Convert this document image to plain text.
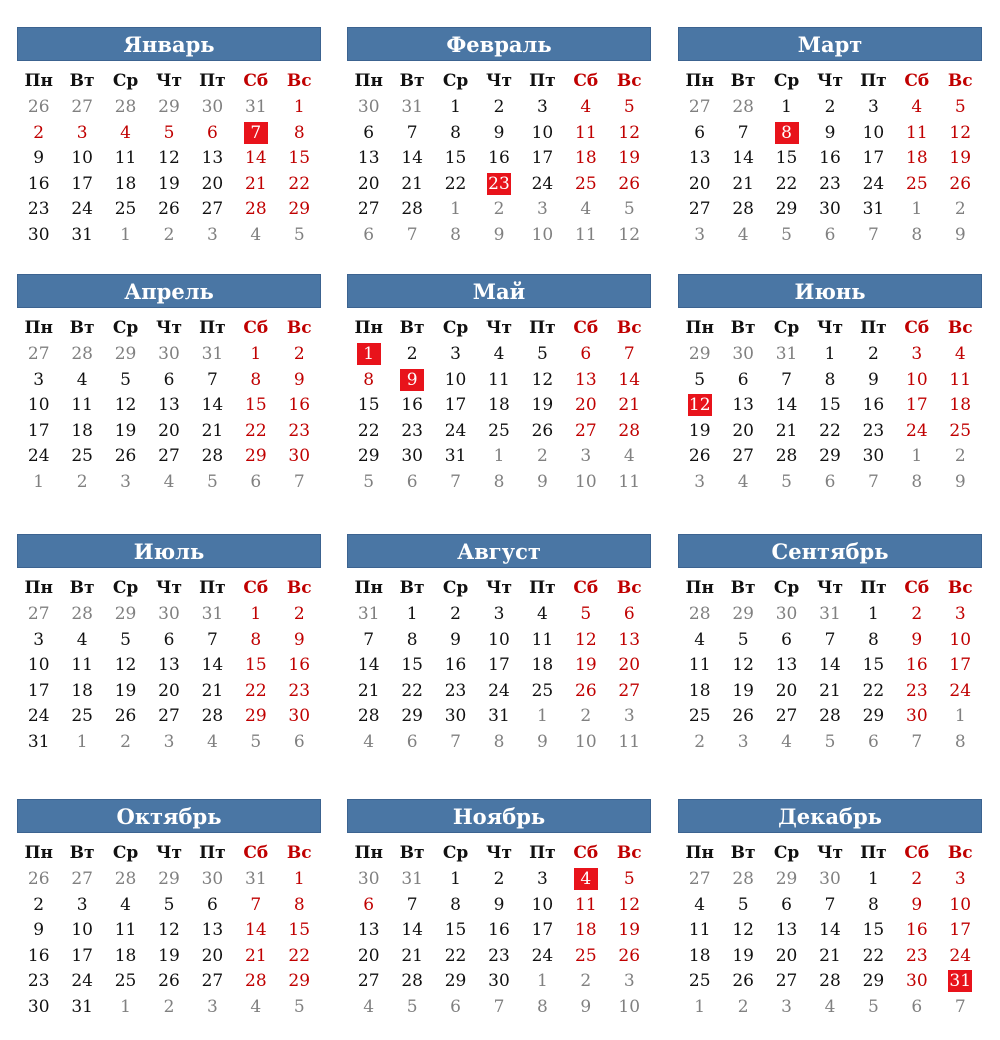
Январь
Пн Вт	Ср	Чт	Пт	Сб	Вс
26	27	28	29	30	31	1
2	3	4	5	6	7	8
9	10	11	12	13	14	15
16	17	18	19	20	21	22
23	24	25	26	27	28	29
30	31	1	2	3	4	5
Февраль
Пн Вт	Ср	Чт	Пт	Сб	Вс
30	31	1	2	3	4	5
6	7	8	9	10	11	12
13	14	15	16	17	18	19
20	21	22	23	24	25	26
27	28	1	2	3	4	5
6	7	8	9	10	11	12
Март
Пн Вт	Ср	Чт	Пт	Сб	Вс
27	28	1	2	3	4	5
6	7	8	9	10	11	12
13	14	15	16	17	18	19
20	21	22	23	24	25	26
27	28	29	30	31	1	2
3	4	5	6	7	8	9
Апрель
Пн Вт	Ср	Чт	Пт	Сб	Вс
27	28	29	30	31	1	2
3	4	5	6	7	8	9
10	11	12	13	14	15	16
17	18	19	20	21	22	23
24	25	26	27	28	29	30
1	2	3	4	5	6	7
Май
Пн Вт	Ср	Чт	Пт	Сб	Вс
1	2	3	4	5	6	7
8	9	10	11	12	13	14
15	16	17	18	19	20	21
22	23	24	25	26	27	28
29	30	31	1	2	3	4
5	6	7	8	9	10	11
Июнь
Пн Вт	Ср	Чт	Пт	Сб	Вс
29	30	31	1	2	3	4
5	6	7	8	9	10	11
12	13	14	15	16	17	18
19	20	21	22	23	24	25
26	27	28	29	30	1	2
3	4	5	6	7	8	9
Июль
Пн Вт	Ср	Чт	Пт	Сб	Вс
27	28	29	30	31	1	2
3	4	5	6	7	8	9
10	11	12	13	14	15	16
17	18	19	20	21	22	23
24	25	26	27	28	29	30
31	1	2	3	4	5	6
Август
Пн Вт	Ср	Чт	Пт	Сб	Вс
31	1	2	3	4	5	6
7	8	9	10	11	12	13
14	15	16	17	18	19	20
21	22	23	24	25	26	27
28	29	30	31	1	2	3
4	6	7	8	9	10	11
Сентябрь
Пн Вт	Ср	Чт	Пт	Сб	Вс
28	29	30	31	1	2	3
4	5	6	7	8	9	10
11	12	13	14	15	16	17
18	19	20	21	22	23	24
25	26	27	28	29	30	1
2	3	4	5	6	7	8
Октябрь
Пн Вт	Ср	Чт	Пт	Сб	Вс
26	27	28	29	30	31	1
2	3	4	5	6	7	8
9	10	11	12	13	14	15
16	17	18	19	20	21	22
23	24	25	26	27	28	29
30	31	1	2	3	4	5
Ноябрь
Пн Вт	Ср	Чт	Пт	Сб	Вс
30	31	1	2	3	4	5
6	7	8	9	10	11	12
13	14	15	16	17	18	19
20	21	22	23	24	25	26
27	28	29	30	1	2	3
4	5	6	7	8	9	10
Декабрь
Пн Вт	Ср	Чт	Пт	Сб	Вс
27	28	29	30	1	2	3
4	5	6	7	8	9	10
11	12	13	14	15	16	17
18	19	20	21	22	23	24
25	26	27	28	29	30	31
1	2	3	4	5	6	7
